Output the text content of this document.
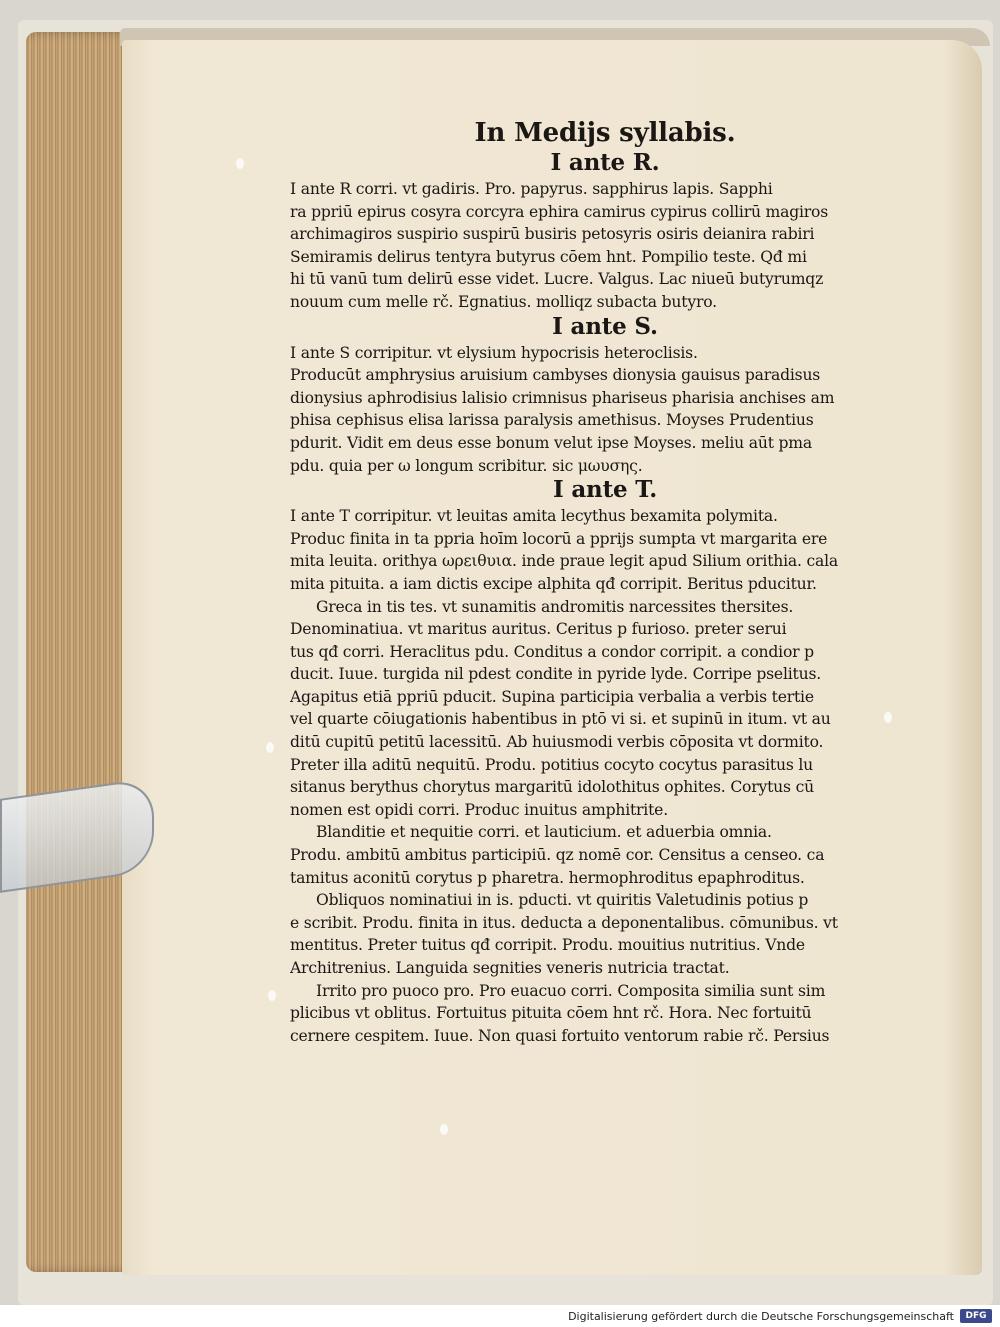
In Medijs syllabis.
I ante R.
I ante R corri. vt gadiris. Pro. papyrus. sapphirus lapis. Sapphi
ra ppriū epirus cosyra corcyra ephira camirus cypirus collirū magiros
archimagiros suspirio suspirū busiris petosyris osiris deianira rabiri
Semiramis delirus tentyra butyrus cōem hnt. Pompilio teste. Qđ mi
hi tū vanū tum delirū esse videt. Lucre. Valgus. Lac niueū butyrumqz
nouum cum melle rč. Egnatius. molliqz subacta butyro.
I ante S.
I ante S corripitur. vt elysium hypocrisis heteroclisis.
Producūt amphrysius aruisium cambyses dionysia gauisus paradisus
dionysius aphrodisius lalisio crimnisus phariseus pharisia anchises am
phisa cephisus elisa larissa paralysis amethisus. Moyses Prudentius
pdurit. Vidit em deus esse bonum velut ipse Moyses. meliu aūt pma
pdu. quia per ω longum scribitur. sic μωυσης.
I ante T.
I ante T corripitur. vt leuitas amita lecythus bexamita polymita.
Produc finita in ta ppria hoīm locorū a pprijs sumpta vt margarita ere
mita leuita. orithya ωρειθυια. inde praue legit apud Silium orithia. cala
mita pituita. a iam dictis excipe alphita qđ corripit. Beritus pducitur.
Greca in tis tes. vt sunamitis andromitis narcessites thersites.
Denominatiua. vt maritus auritus. Ceritus p furioso. preter serui
tus qđ corri. Heraclitus pdu. Conditus a condor corripit. a condior p
ducit. Iuue. turgida nil pdest condite in pyride lyde. Corripe pselitus.
Agapitus etiā ppriū pducit. Supina participia verbalia a verbis tertie
vel quarte cōiugationis habentibus in ptō vi si. et supinū in itum. vt au
ditū cupitū petitū lacessitū. Ab huiusmodi verbis cōposita vt dormito.
Preter illa aditū nequitū. Produ. potitius cocyto cocytus parasitus lu
sitanus berythus chorytus margaritū idolothitus ophites. Corytus cū
nomen est opidi corri. Produc inuitus amphitrite.
Blanditie et nequitie corri. et lauticium. et aduerbia omnia.
Produ. ambitū ambitus participiū. qz nomē cor. Censitus a censeo. ca
tamitus aconitū corytus p pharetra. hermophroditus epaphroditus.
Obliquos nominatiui in is. pducti. vt quiritis Valetudinis potius p
e scribit. Produ. finita in itus. deducta a deponentalibus. cōmunibus. vt
mentitus. Preter tuitus qđ corripit. Produ. mouitius nutritius. Vnde
Architrenius. Languida segnities veneris nutricia tractat.
Irrito pro puoco pro. Pro euacuo corri. Composita similia sunt sim
plicibus vt oblitus. Fortuitus pituita cōem hnt rč. Hora. Nec fortuitū
cernere cespitem. Iuue. Non quasi fortuito ventorum rabie rč. Persius
Digitalisierung gefördert durch die Deutsche Forschungsgemeinschaft	DFG
